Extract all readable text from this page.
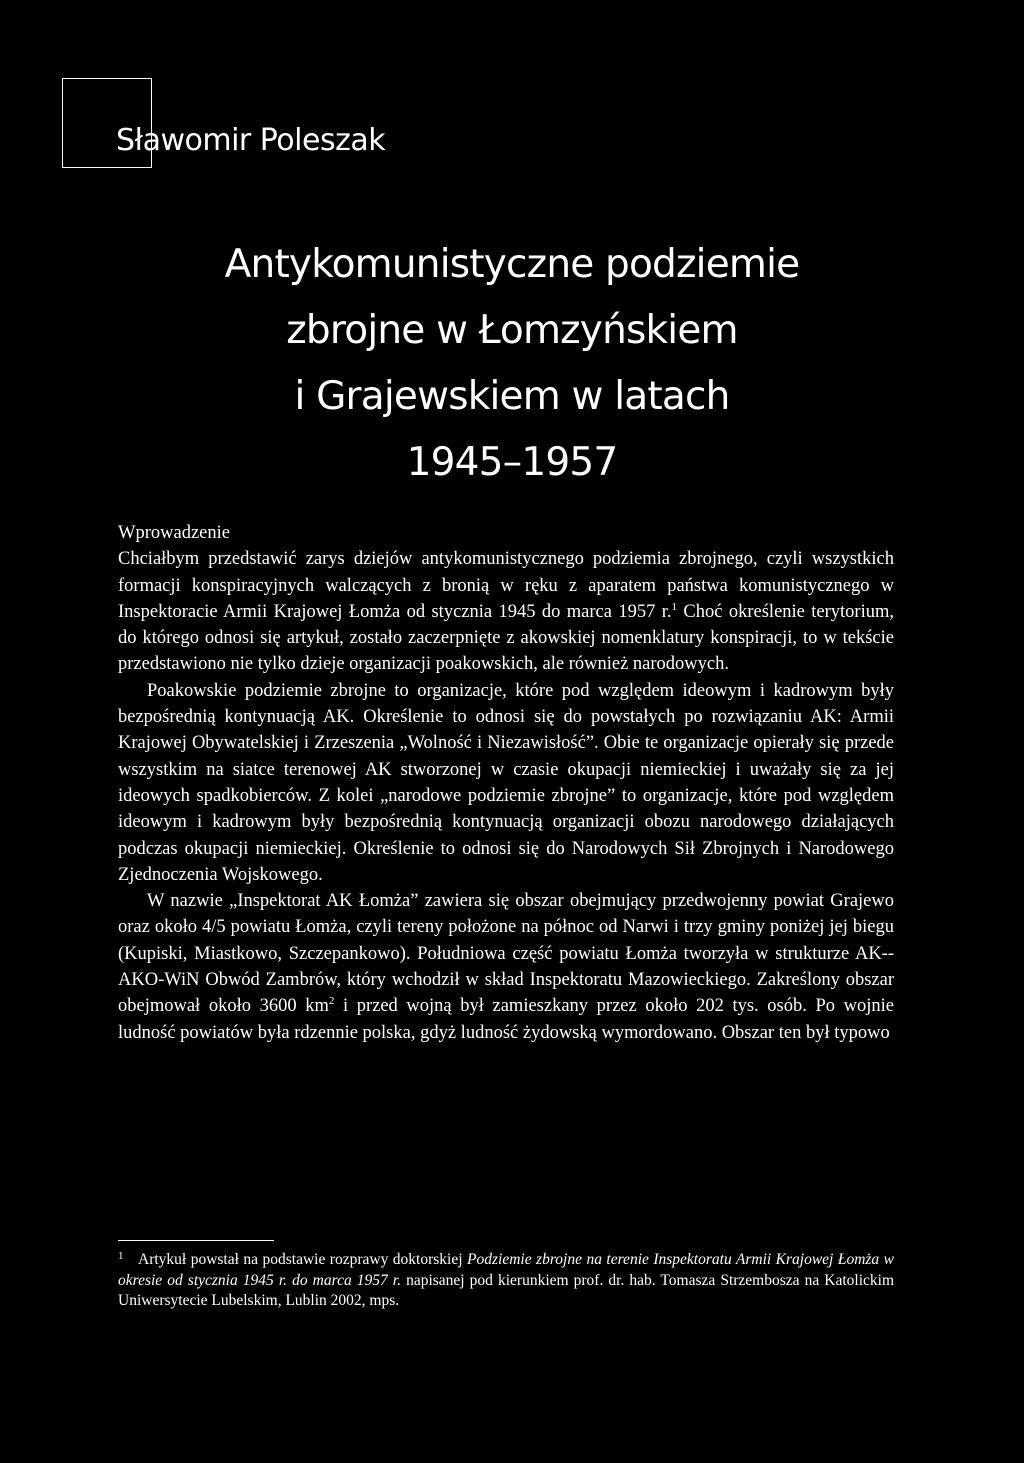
Sławomir Poleszak
Antykomunistyczne podziemie
zbrojne w Łomzyńskiem
i Grajewskiem w latach
1945–1957
Wprowadzenie

Chciałbym przedstawić zarys dziejów antykomunistycznego podziemia zbrojnego, czyli wszystkich formacji konspiracyjnych walczących z bronią w ręku z aparatem państwa komunistycznego w Inspektoracie Armii Krajowej Łomża od stycznia 1945 do marca 1957 r.$^1$ Choć określenie terytorium, do którego odnosi się artykuł, zostało zaczerpnięte z akowskiej nomenklatury konspiracji, to w tekście przedstawiono nie tylko dzieje organizacji poakowskich, ale również narodowych.

Poakowskie podziemie zbrojne to organizacje, które pod względem ideowym i kadrowym były bezpośrednią kontynuacją AK. Określenie to odnosi się do powstałych po rozwiązaniu AK: Armii Krajowej Obywatelskiej i Zrzeszenia „Wolność i Niezawisłość”. Obie te organizacje opierały się przede wszystkim na siatce terenowej AK stworzonej w czasie okupacji niemieckiej i uważały się za jej ideowych spadkobierców. Z kolei „narodowe podziemie zbrojne” to organizacje, które pod względem ideowym i kadrowym były bezpośrednią kontynuacją organizacji obozu narodowego działających podczas okupacji niemieckiej. Określenie to odnosi się do Narodowych Sił Zbrojnych i Narodowego Zjednoczenia Wojskowego.

W nazwie „Inspektorat AK Łomża” zawiera się obszar obejmujący przedwojenny powiat Grajewo oraz około 4/5 powiatu Łomża, czyli tereny położone na północ od Narwi i trzy gminy poniżej jej biegu (Kupiski, Miastkowo, Szczepankowo). Południowa część powiatu Łomża tworzyła w strukturze AK--AKO-WiN Obwód Zambrów, który wchodził w skład Inspektoratu Mazowieckiego. Zakreślony obszar obejmował około 3600 $km^2$ i przed wojną był zamieszkany przez około 202 tys. osób. Po wojnie ludność powiatów była rdzennie polska, gdyż ludność żydowską wymordowano. Obszar ten był typowo

1 Artykuł powstał na podstawie rozprawy doktorskiej Podziemie zbrojne na terenie Inspektoratu Armii Krajowej Łomża w okresie od stycznia 1945 r. do marca 1957 r. napisanej pod kierunkiem prof. dr. hab. Tomasza Strzembosza na Katolickim Uniwersytecie Lubelskim, Lublin 2002, mps.
